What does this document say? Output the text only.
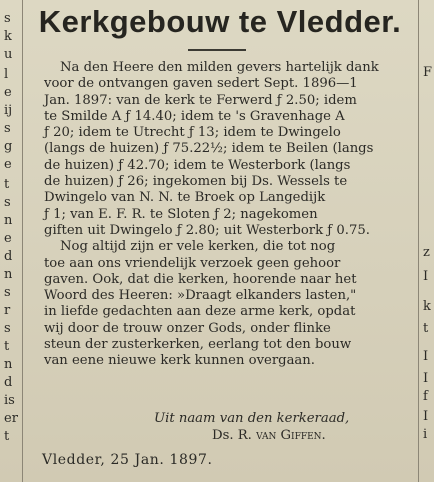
s
k
u
l
e
ij
s
g
e
t
s
n
e
d
n
s
r
s
t
n
d
is
er
t
Kerkgebouw te Vledder.
Na den Heere den milden gevers hartelijk dank
voor de ontvangen gaven sedert Sept. 1896—1
Jan. 1897: van de kerk te Ferwerd ƒ 2.50; idem
te Smilde A ƒ 14.40; idem te 's Gravenhage A
ƒ 20; idem te Utrecht ƒ 13; idem te Dwingelo
(langs de huizen) ƒ 75.22½; idem te Beilen (langs
de huizen) ƒ 42.70; idem te Westerbork (langs
de huizen) ƒ 26; ingekomen bij Ds. Wessels te
Dwingelo van N. N. te Broek op Langedijk
ƒ 1; van E. F. R. te Sloten ƒ 2; nagekomen
giften uit Dwingelo ƒ 2.80; uit Westerbork ƒ 0.75.
Nog altijd zijn er vele kerken, die tot nog
toe aan ons vriendelijk verzoek geen gehoor
gaven. Ook, dat die kerken, hoorende naar het
Woord des Heeren: »Draagt elkanders lasten,"
in liefde gedachten aan deze arme kerk, opdat
wij door de trouw onzer Gods, onder flinke
steun der zusterkerken, eerlang tot den bouw
van eene nieuwe kerk kunnen overgaan.
Uit naam van den kerkeraad,
Ds. R. van Giffen.
Vledder, 25 Jan. 1897.
F
z
I
k
t
I
I
f
I
i
